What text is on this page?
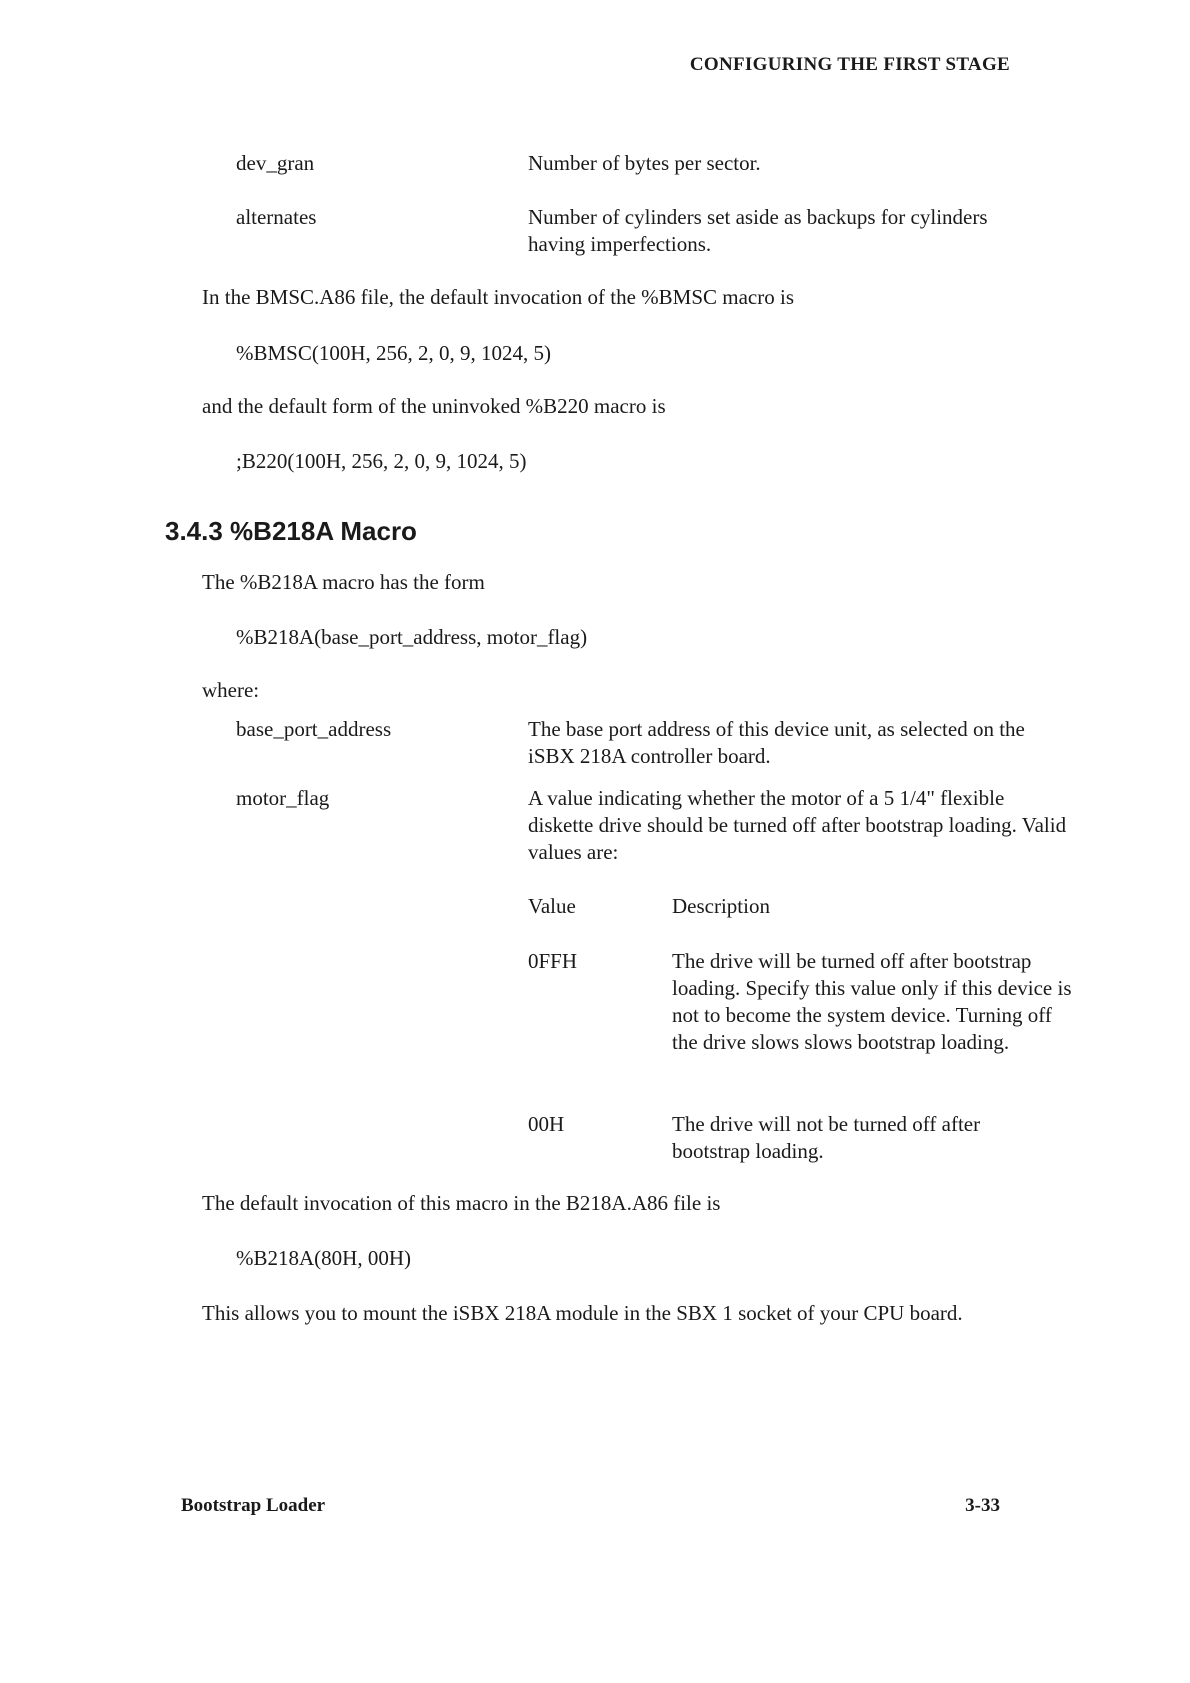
CONFIGURING THE FIRST STAGE
dev_gran	Number of bytes per sector.
alternates	Number of cylinders set aside as backups for cylinders having imperfections.
In the BMSC.A86 file, the default invocation of the %BMSC macro is
%BMSC(100H, 256, 2, 0, 9, 1024, 5)
and the default form of the uninvoked %B220 macro is
;B220(100H, 256, 2, 0, 9, 1024, 5)
3.4.3 %B218A Macro
The %B218A macro has the form
%B218A(base_port_address, motor_flag)
where:
base_port_address	The base port address of this device unit, as selected on the iSBX 218A controller board.
motor_flag	A value indicating whether the motor of a 5 1/4" flexible diskette drive should be turned off after bootstrap loading. Valid values are:
Value	Description
0FFH	The drive will be turned off after bootstrap loading. Specify this value only if this device is not to become the system device. Turning off the drive slows slows bootstrap loading.
00H	The drive will not be turned off after bootstrap loading.
The default invocation of this macro in the B218A.A86 file is
%B218A(80H, 00H)
This allows you to mount the iSBX 218A module in the SBX 1 socket of your CPU board.
Bootstrap Loader	3-33
